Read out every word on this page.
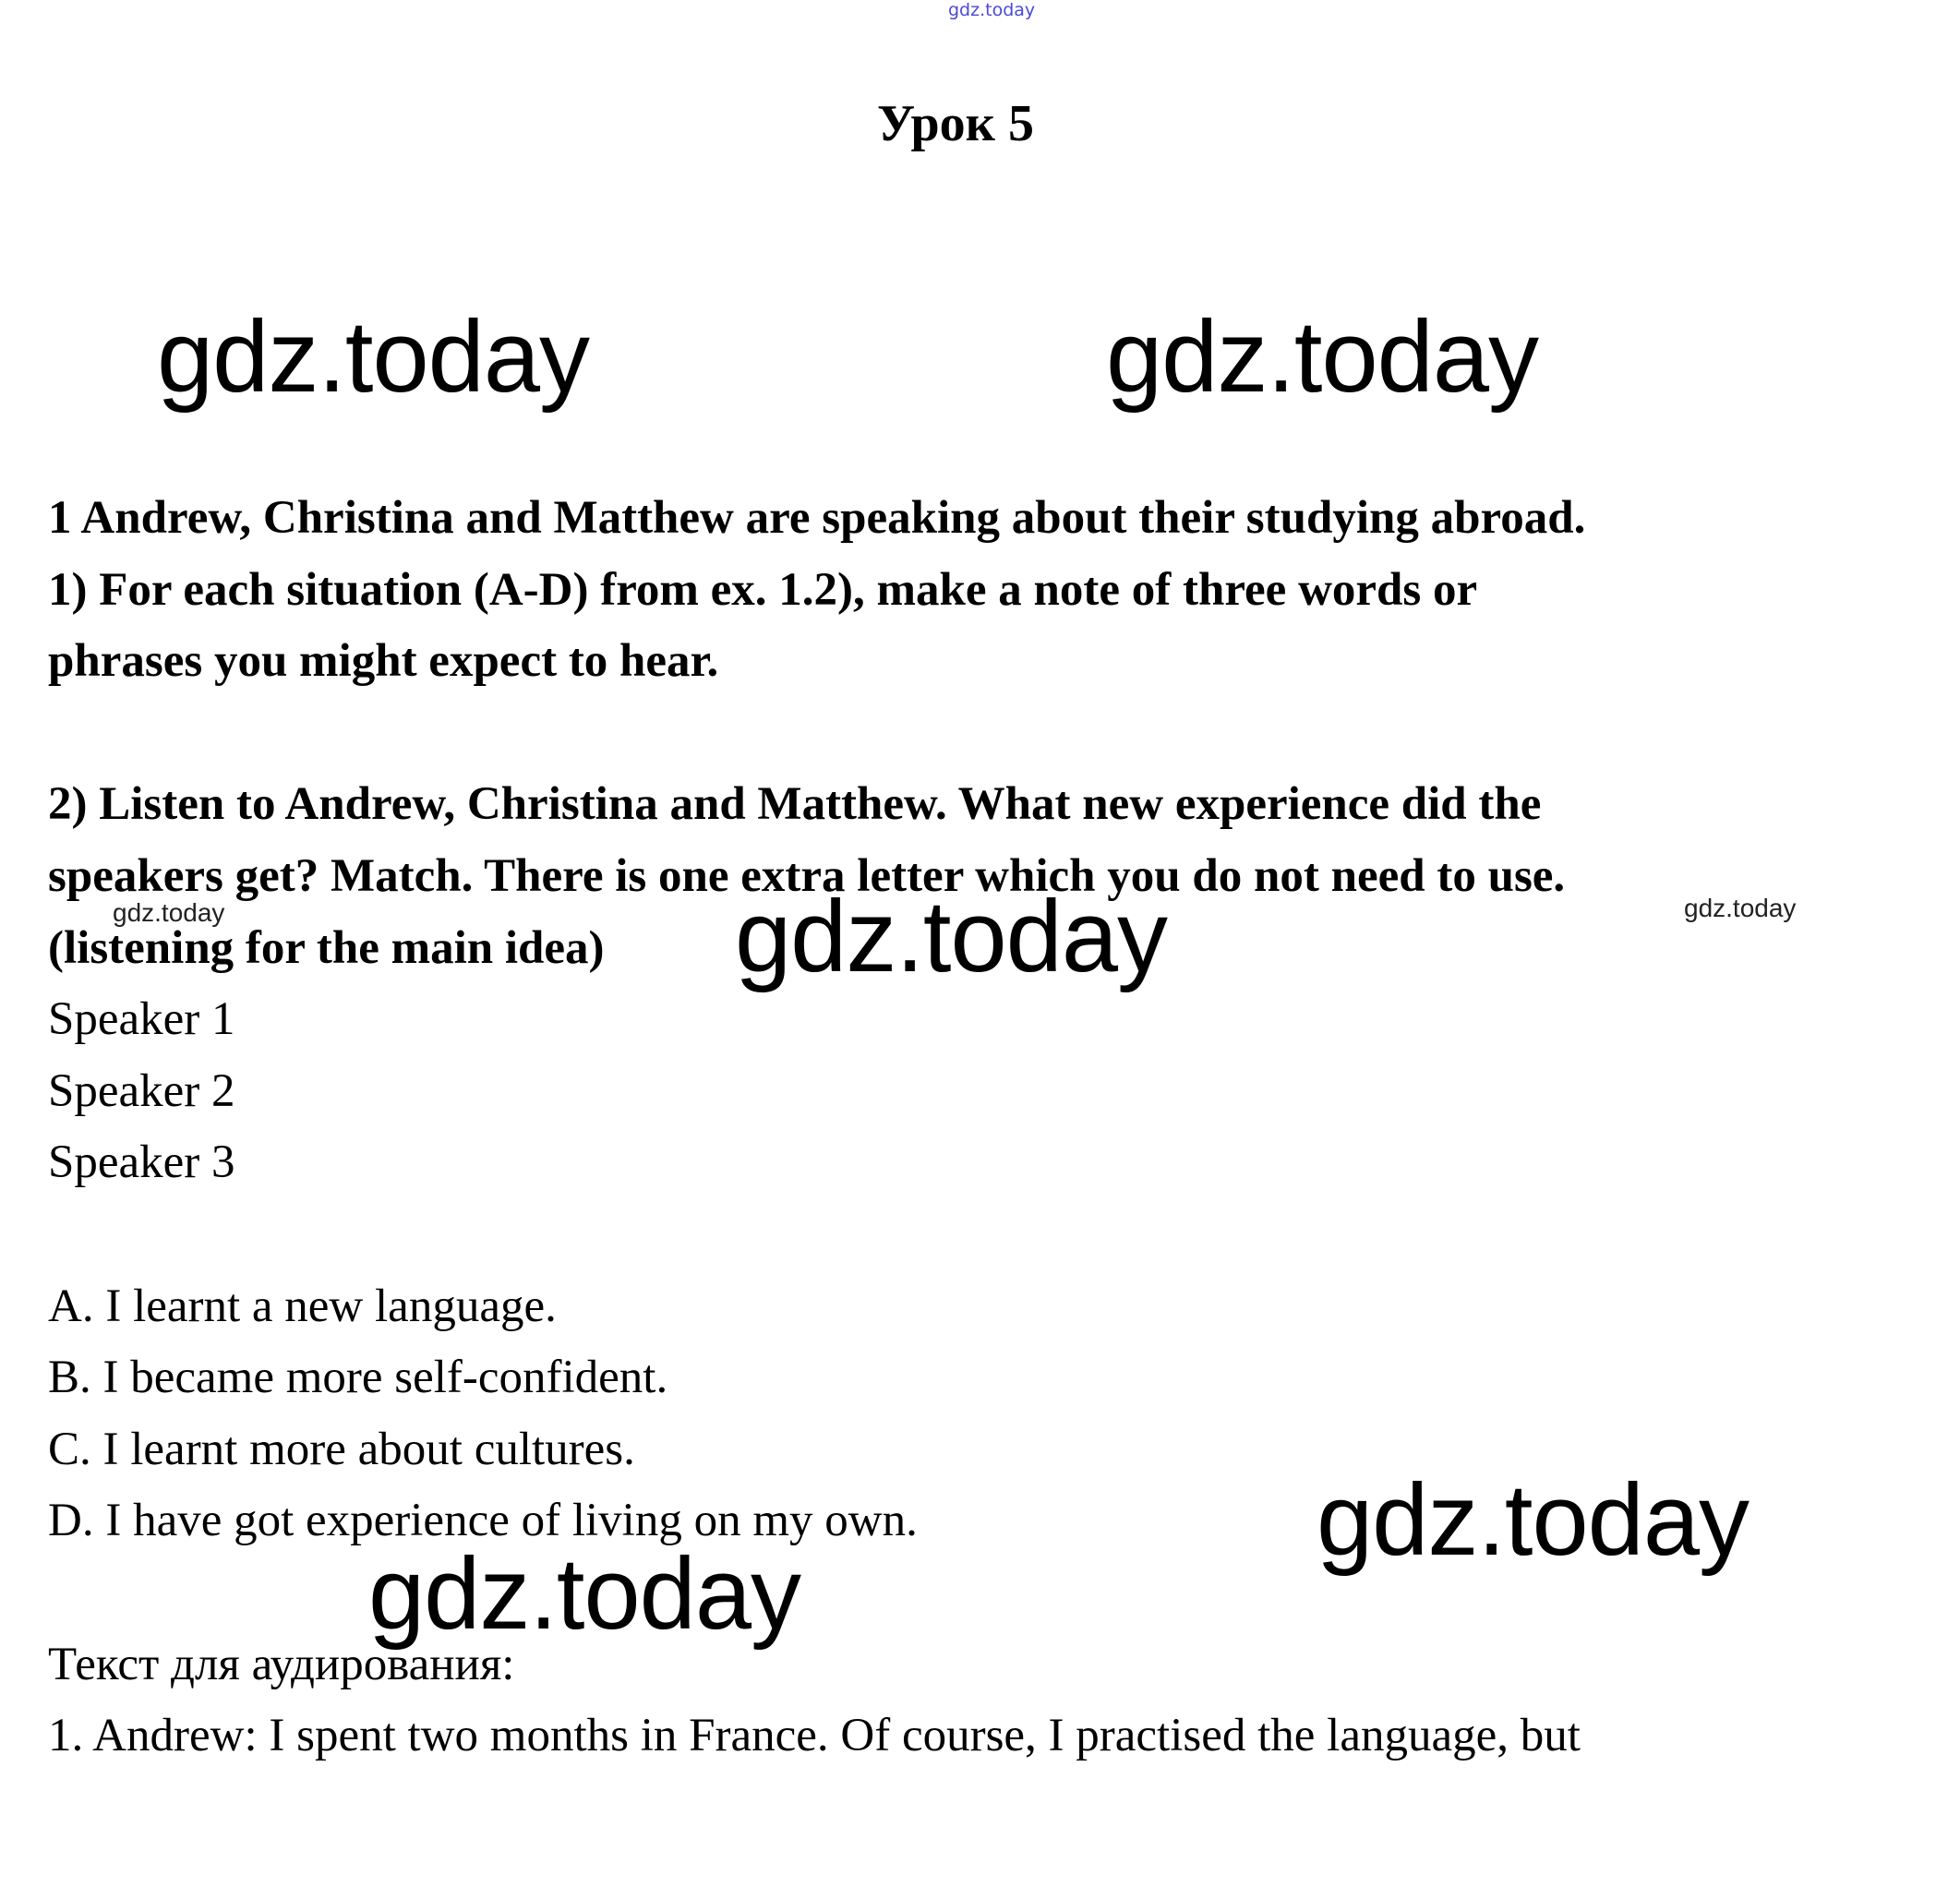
gdz.today
Урок 5
1 Andrew, Christina and Matthew are speaking about their studying abroad.
1) For each situation (A-D) from ex. 1.2), make a note of three words or
phrases you might expect to hear.
2) Listen to Andrew, Christina and Matthew. What new experience did the
speakers get? Match. There is one extra letter which you do not need to use.
(listening for the main idea)
Speaker 1
Speaker 2
Speaker 3
A. I learnt a new language.
B. I became more self-confident.
C. I learnt more about cultures.
D. I have got experience of living on my own.
Текст для аудирования:
1. Andrew: I spent two months in France. Of course, I practised the language, but
gdz.today	gdz.today
gdz.today
gdz.today
gdz.today
gdz.today	gdz.today
